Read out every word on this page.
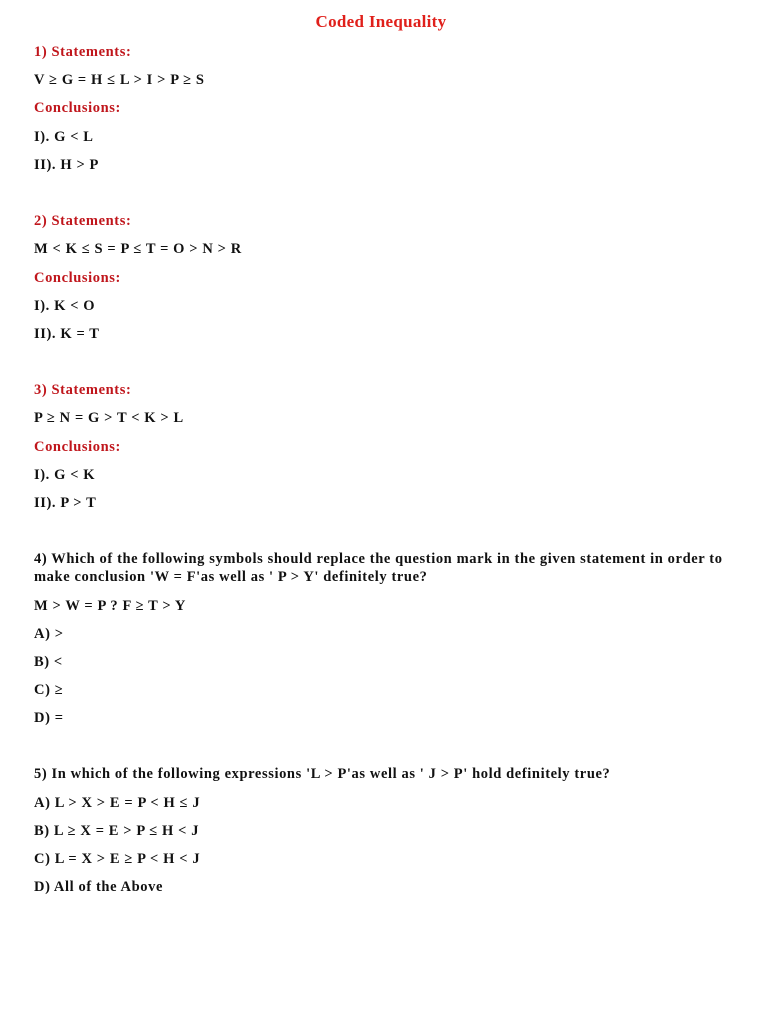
Coded Inequality
1) Statements:
V ≥ G = H ≤ L > I > P ≥ S
Conclusions:
I). G < L
II). H > P
2) Statements:
M < K ≤ S = P ≤ T = O > N > R
Conclusions:
I). K < O
II). K = T
3) Statements:
P ≥ N = G > T < K > L
Conclusions:
I). G < K
II). P > T
4) Which of the following symbols should replace the question mark in the given statement in order to make conclusion 'W = F'as well as ' P > Y' definitely true?
M > W = P ? F ≥ T > Y
A) >
B) <
C) ≥
D) =
5) In which of the following expressions 'L > P'as well as ' J > P' hold definitely true?
A) L > X > E = P < H ≤ J
B) L ≥ X = E > P ≤ H < J
C) L = X > E ≥ P < H < J
D) All of the Above
